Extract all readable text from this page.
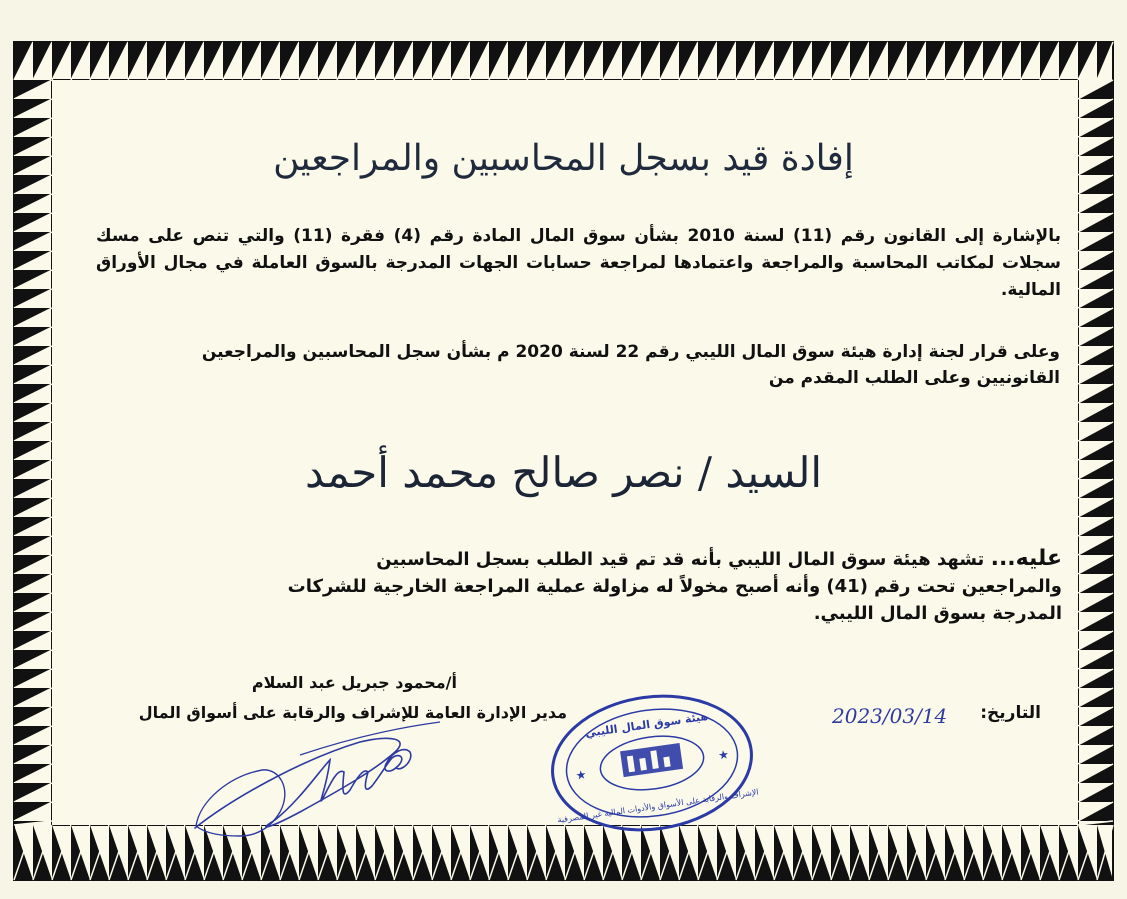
إفادة قيد بسجل المحاسبين والمراجعين
بالإشارة إلى القانون رقم (11) لسنة 2010 بشأن سوق المال المادة رقم (4) فقرة (11) والتي تنص على مسك سجلات لمكاتب المحاسبة والمراجعة واعتمادها لمراجعة حسابات الجهات المدرجة بالسوق العاملة في مجال الأوراق المالية.
وعلى قرار لجنة إدارة هيئة سوق المال الليبي رقم 22 لسنة 2020 م بشأن سجل المحاسبين والمراجعين القانونيين وعلى الطلب المقدم من
السيد / نصر صالح محمد أحمد
عليه... تشهد هيئة سوق المال الليبي بأنه قد تم قيد الطلب بسجل المحاسبين والمراجعين تحت رقم (41) وأنه أصبح مخولاً له مزاولة عملية المراجعة الخارجية للشركات المدرجة بسوق المال الليبي.
أ/محمود جبريل عبد السلام
مدير الإدارة العامة للإشراف والرقابة على أسواق المال	التاريخ:
2023/03/14
هيئة سوق المال الليبي
الإشراف والرقابة على الأسواق والأدوات المالية غير المصرفية
★
★
